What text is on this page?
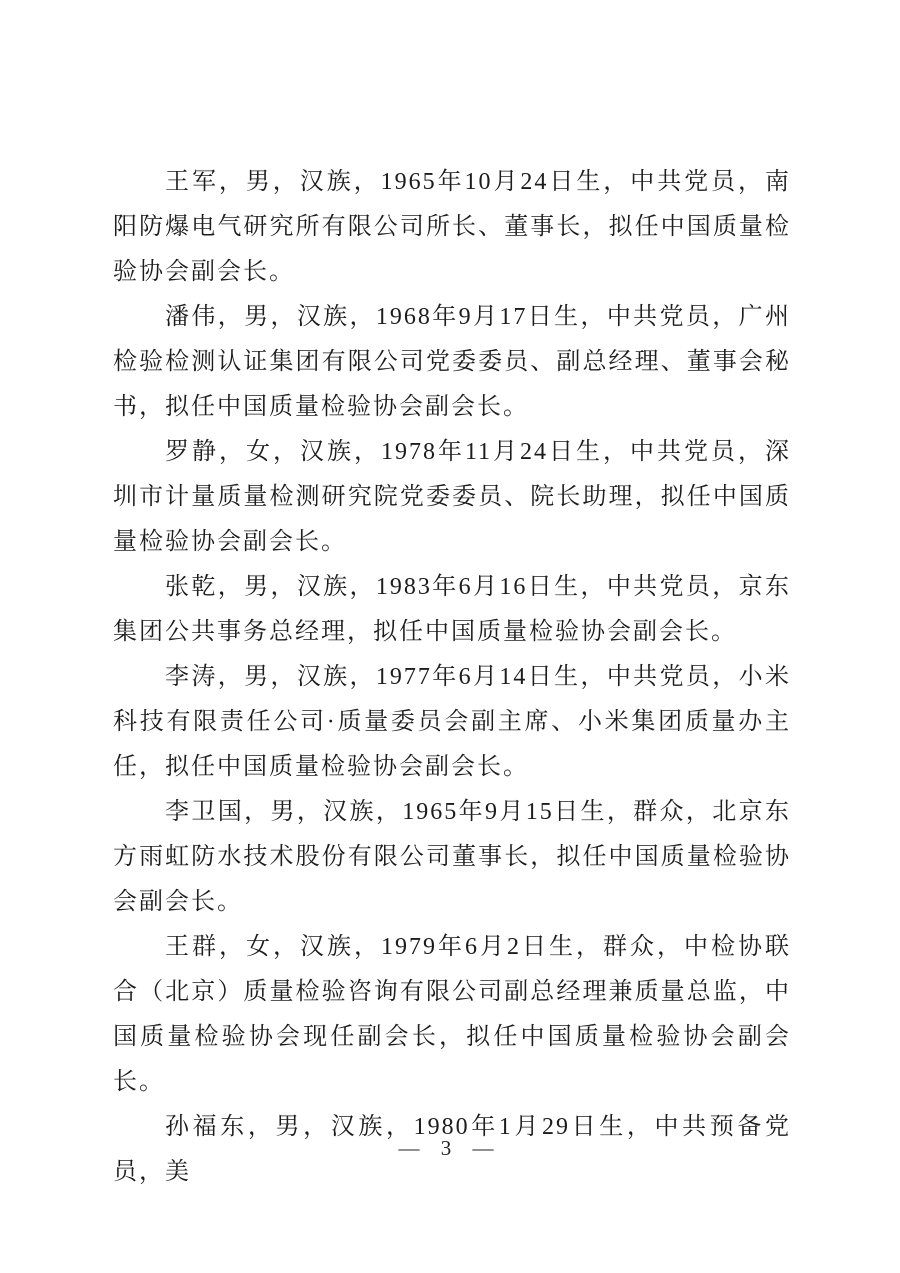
王军，男，汉族，1965年10月24日生，中共党员，南阳防爆电气研究所有限公司所长、董事长，拟任中国质量检验协会副会长。

潘伟，男，汉族，1968年9月17日生，中共党员，广州检验检测认证集团有限公司党委委员、副总经理、董事会秘书，拟任中国质量检验协会副会长。

罗静，女，汉族，1978年11月24日生，中共党员，深圳市计量质量检测研究院党委委员、院长助理，拟任中国质量检验协会副会长。

张乾，男，汉族，1983年6月16日生，中共党员，京东集团公共事务总经理，拟任中国质量检验协会副会长。

李涛，男，汉族，1977年6月14日生，中共党员，小米科技有限责任公司·质量委员会副主席、小米集团质量办主任，拟任中国质量检验协会副会长。

李卫国，男，汉族，1965年9月15日生，群众，北京东方雨虹防水技术股份有限公司董事长，拟任中国质量检验协会副会长。

王群，女，汉族，1979年6月2日生，群众，中检协联合（北京）质量检验咨询有限公司副总经理兼质量总监，中国质量检验协会现任副会长，拟任中国质量检验协会副会长。

孙福东，男，汉族，1980年1月29日生，中共预备党员，美

— 3 —
